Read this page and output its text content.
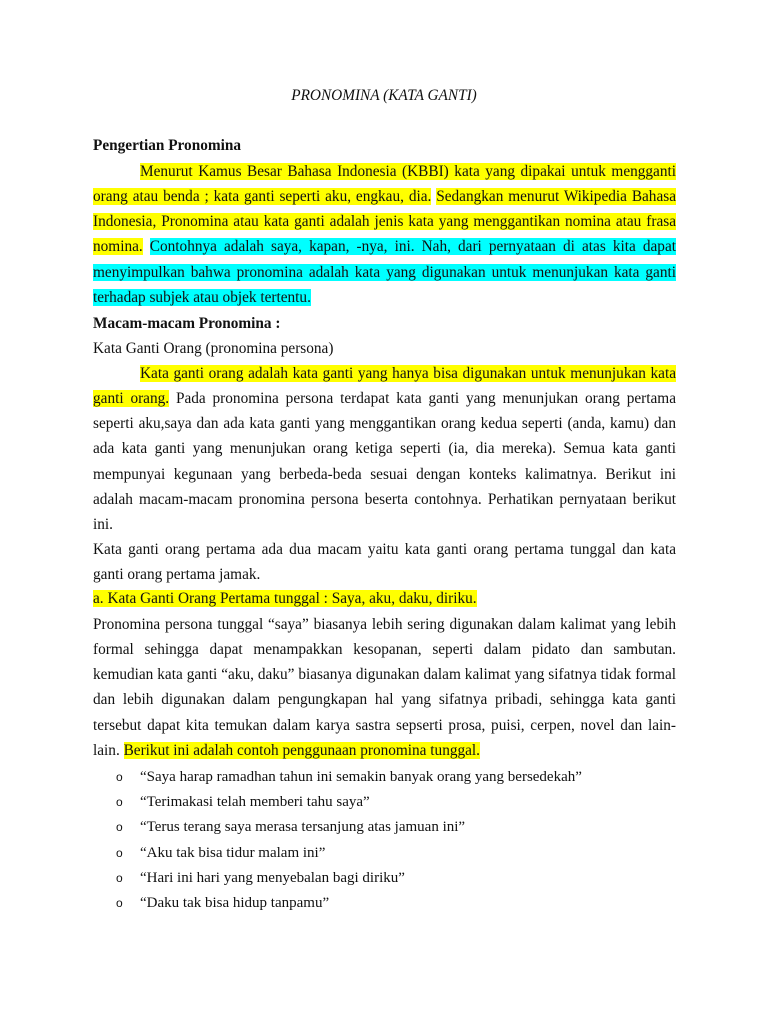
PRONOMINA (KATA GANTI)
Pengertian Pronomina

Menurut Kamus Besar Bahasa Indonesia (KBBI) kata yang dipakai untuk mengganti orang atau benda ; kata ganti seperti aku, engkau, dia. Sedangkan menurut Wikipedia Bahasa Indonesia, Pronomina atau kata ganti adalah jenis kata yang menggantikan nomina atau frasa nomina. Contohnya adalah saya, kapan, -nya, ini. Nah, dari pernyataan di atas kita dapat menyimpulkan bahwa pronomina adalah kata yang digunakan untuk menunjukan kata ganti terhadap subjek atau objek tertentu.

Macam-macam Pronomina :
Kata Ganti Orang (pronomina persona)

Kata ganti orang adalah kata ganti yang hanya bisa digunakan untuk menunjukan kata ganti orang. Pada pronomina persona terdapat kata ganti yang menunjukan orang pertama seperti aku,saya dan ada kata ganti yang menggantikan orang kedua seperti (anda, kamu) dan ada kata ganti yang menunjukan orang ketiga seperti (ia, dia mereka). Semua kata ganti mempunyai kegunaan yang berbeda-beda sesuai dengan konteks kalimatnya. Berikut ini adalah macam-macam pronomina persona beserta contohnya. Perhatikan pernyataan berikut ini.

Kata ganti orang pertama ada dua macam yaitu kata ganti orang pertama tunggal dan kata ganti orang pertama jamak.

a. Kata Ganti Orang Pertama tunggal : Saya, aku, daku, diriku.

Pronomina persona tunggal “saya” biasanya lebih sering digunakan dalam kalimat yang lebih formal sehingga dapat menampakkan kesopanan, seperti dalam pidato dan sambutan. kemudian kata ganti “aku, daku” biasanya digunakan dalam kalimat yang sifatnya tidak formal dan lebih digunakan dalam pengungkapan hal yang sifatnya pribadi, sehingga kata ganti tersebut dapat kita temukan dalam karya sastra sepserti prosa, puisi, cerpen, novel dan lain-lain. Berikut ini adalah contoh penggunaan pronomina tunggal.

o “Saya harap ramadhan tahun ini semakin banyak orang yang bersedekah”
o “Terimakasi telah memberi tahu saya”
o “Terus terang saya merasa tersanjung atas jamuan ini”
o “Aku tak bisa tidur malam ini”
o “Hari ini hari yang menyebalan bagi diriku”
o “Daku tak bisa hidup tanpamu”
